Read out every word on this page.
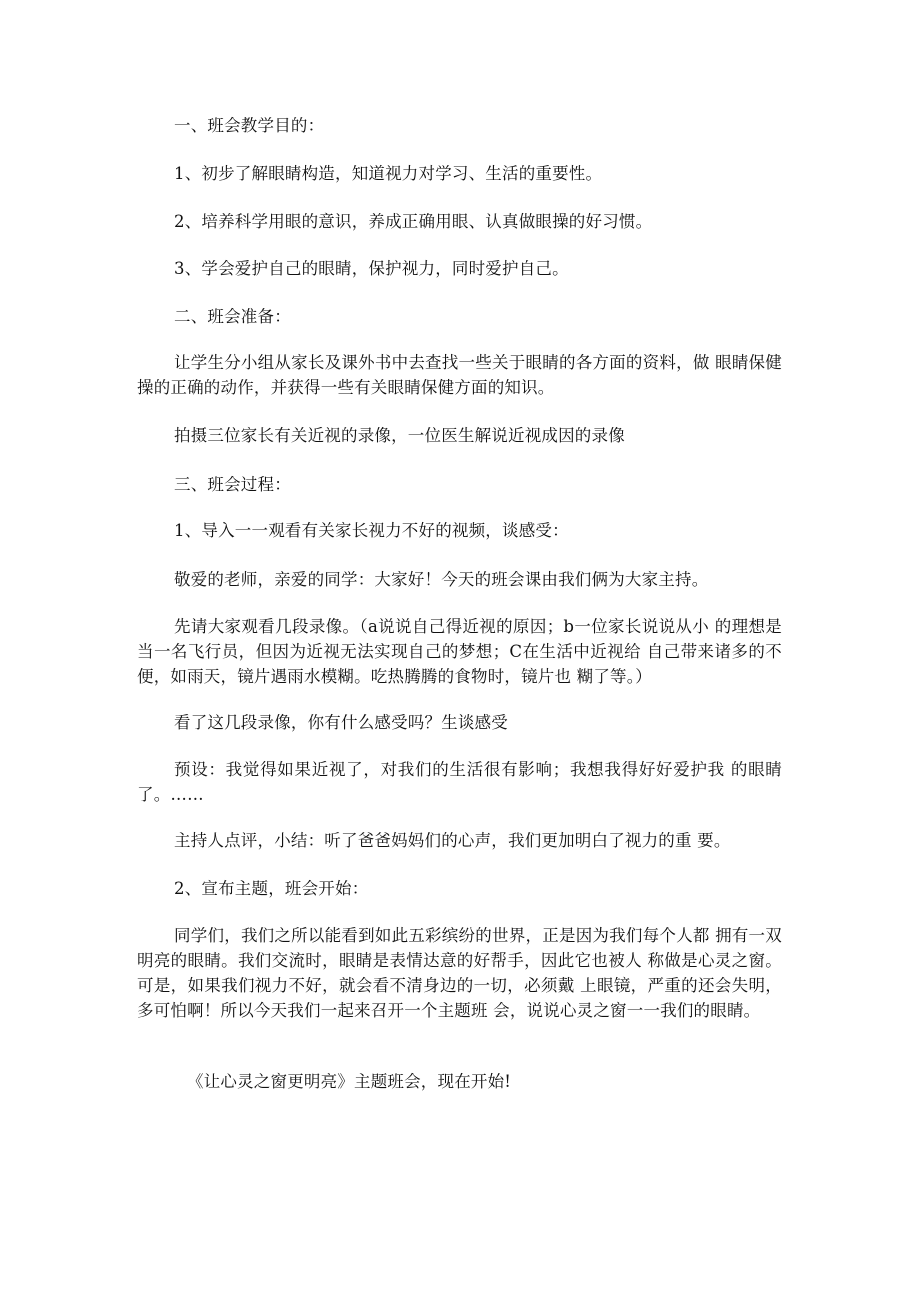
一、班会教学目的：

1、初步了解眼睛构造，知道视力对学习、生活的重要性。

2、培养科学用眼的意识，养成正确用眼、认真做眼操的好习惯。

3、学会爱护自己的眼睛，保护视力，同时爱护自己。

二、班会准备：

让学生分小组从家长及课外书中去查找一些关于眼睛的各方面的资料，做 眼睛保健操的正确的动作，并获得一些有关眼睛保健方面的知识。

拍摄三位家长有关近视的录像，一位医生解说近视成因的录像

三、班会过程：

1、导入一一观看有关家长视力不好的视频，谈感受：

敬爱的老师，亲爱的同学：大家好！今天的班会课由我们俩为大家主持。

先请大家观看几段录像。（a说说自己得近视的原因；b一位家长说说从小 的理想是当一名飞行员，但因为近视无法实现自己的梦想；C在生活中近视给 自己带来诸多的不便，如雨天，镜片遇雨水模糊。吃热腾腾的食物时，镜片也 糊了等。）

看了这几段录像，你有什么感受吗？生谈感受

预设：我觉得如果近视了，对我们的生活很有影响；我想我得好好爱护我 的眼睛了。……

主持人点评，小结：听了爸爸妈妈们的心声，我们更加明白了视力的重 要。

2、宣布主题，班会开始：

同学们，我们之所以能看到如此五彩缤纷的世界，正是因为我们每个人都 拥有一双明亮的眼睛。我们交流时，眼睛是表情达意的好帮手，因此它也被人 称做是心灵之窗。可是，如果我们视力不好，就会看不清身边的一切，必须戴 上眼镜，严重的还会失明，多可怕啊！所以今天我们一起来召开一个主题班 会，说说心灵之窗一一我们的眼睛。

《让心灵之窗更明亮》主题班会，现在开始!
